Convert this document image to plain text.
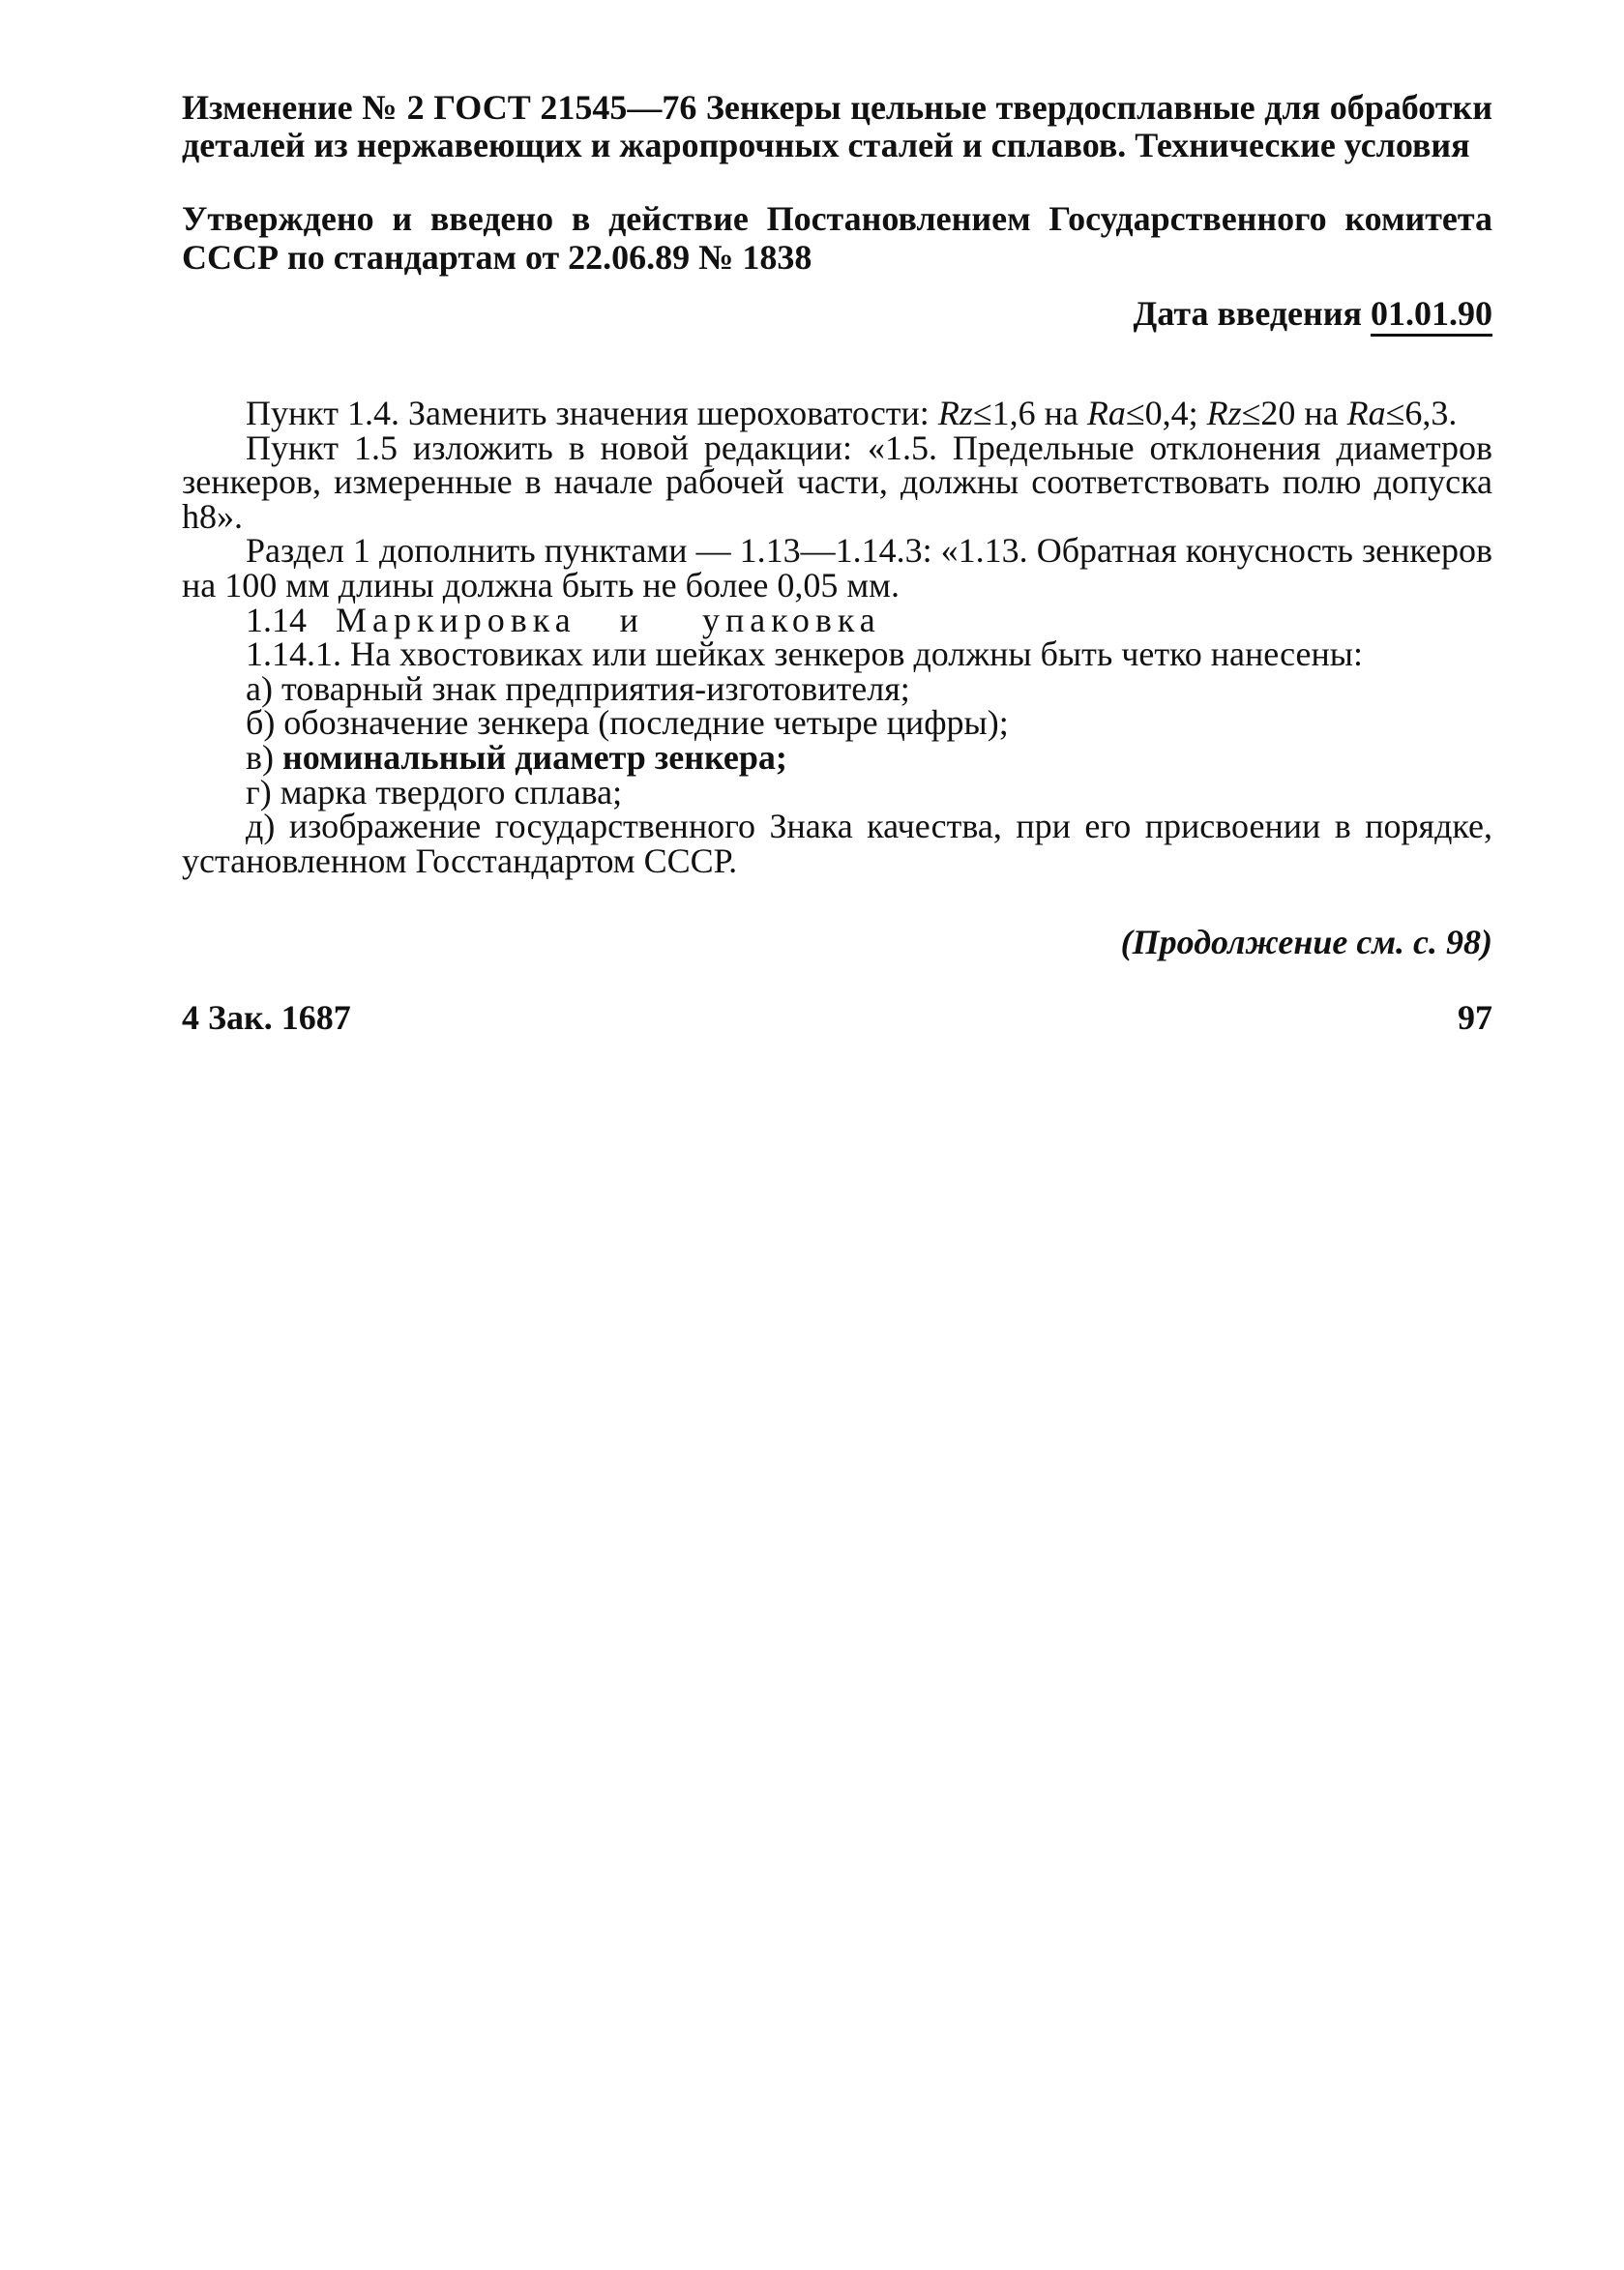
Изменение № 2 ГОСТ 21545—76 Зенкеры цельные твердосплавные для обработки деталей из нержавеющих и жаропрочных сталей и сплавов. Технические условия

Утверждено и введено в действие Постановлением Государственного комитета СССР по стандартам от 22.06.89 № 1838

Дата введения 01.01.90

Пункт 1.4. Заменить значения шероховатости: Rz≤1,6 на Ra≤0,4; Rz≤20 на Ra≤6,3.

Пункт 1.5 изложить в новой редакции: «1.5. Предельные отклонения диаметров зенкеров, измеренные в начале рабочей части, должны соответствовать полю допуска h8».

Раздел 1 дополнить пунктами — 1.13—1.14.3: «1.13. Обратная конусность зенкеров на 100 мм длины должна быть не более 0,05 мм.

1.14 Маркировка и упаковка

1.14.1. На хвостовиках или шейках зенкеров должны быть четко нанесены:

а) товарный знак предприятия-изготовителя;

б) обозначение зенкера (последние четыре цифры);

в) номинальный диаметр зенкера;

г) марка твердого сплава;

д) изображение государственного Знака качества, при его присвоении в порядке, установленном Госстандартом СССР.

(Продолжение см. с. 98)

4 Зак. 1687	97
